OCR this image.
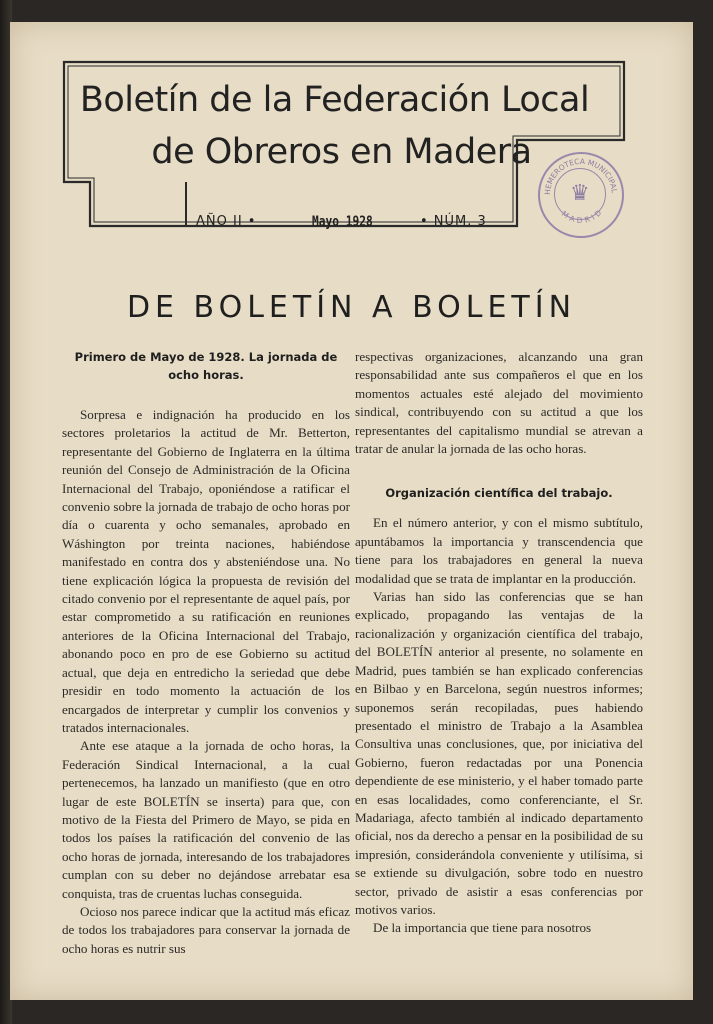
Boletín de la Federación Local
de Obreros en Madera
AÑO II •	Mayo 1928	• NÚM. 3
HEMEROTECA MUNICIPAL
MADRID
♛
DE BOLETÍN A BOLETÍN
Primero de Mayo de 1928. La jornada de ocho horas.

Sorpresa e indignación ha producido en los sectores proletarios la actitud de Mr. Betterton, representante del Gobierno de Inglaterra en la última reunión del Consejo de Administración de la Oficina Internacional del Trabajo, oponiéndose a ratificar el convenio sobre la jornada de trabajo de ocho horas por día o cuarenta y ocho semanales, aprobado en Wáshington por treinta naciones, habiéndose manifestado en contra dos y absteniéndose una. No tiene explicación lógica la propuesta de revisión del citado convenio por el representante de aquel país, por estar comprometido a su ratificación en reuniones anteriores de la Oficina Internacional del Trabajo, abonando poco en pro de ese Gobierno su actitud actual, que deja en entredicho la seriedad que debe presidir en todo momento la actuación de los encargados de interpretar y cumplir los convenios y tratados internacionales.

Ante ese ataque a la jornada de ocho horas, la Federación Sindical Internacional, a la cual pertenecemos, ha lanzado un manifiesto (que en otro lugar de este BOLETÍN se inserta) para que, con motivo de la Fiesta del Primero de Mayo, se pida en todos los países la ratificación del convenio de las ocho horas de jornada, interesando de los trabajadores cumplan con su deber no dejándose arrebatar esa conquista, tras de cruentas luchas conseguida.

Ocioso nos parece indicar que la actitud más eficaz de todos los trabajadores para conservar la jornada de ocho horas es nutrir sus

respectivas organizaciones, alcanzando una gran responsabilidad ante sus compañeros el que en los momentos actuales esté alejado del movimiento sindical, contribuyendo con su actitud a que los representantes del capitalismo mundial se atrevan a tratar de anular la jornada de las ocho horas.

Organización científica del trabajo.

En el número anterior, y con el mismo subtítulo, apuntábamos la importancia y transcendencia que tiene para los trabajadores en general la nueva modalidad que se trata de implantar en la producción.

Varias han sido las conferencias que se han explicado, propagando las ventajas de la racionalización y organización científica del trabajo, del BOLETÍN anterior al presente, no solamente en Madrid, pues también se han explicado conferencias en Bilbao y en Barcelona, según nuestros informes; suponemos serán recopiladas, pues habiendo presentado el ministro de Trabajo a la Asamblea Consultiva unas conclusiones, que, por iniciativa del Gobierno, fueron redactadas por una Ponencia dependiente de ese ministerio, y el haber tomado parte en esas localidades, como conferenciante, el Sr. Madariaga, afecto también al indicado departamento oficial, nos da derecho a pensar en la posibilidad de su impresión, considerándola conveniente y utilísima, si se extiende su divulgación, sobre todo en nuestro sector, privado de asistir a esas conferencias por motivos varios.

De la importancia que tiene para nosotros
